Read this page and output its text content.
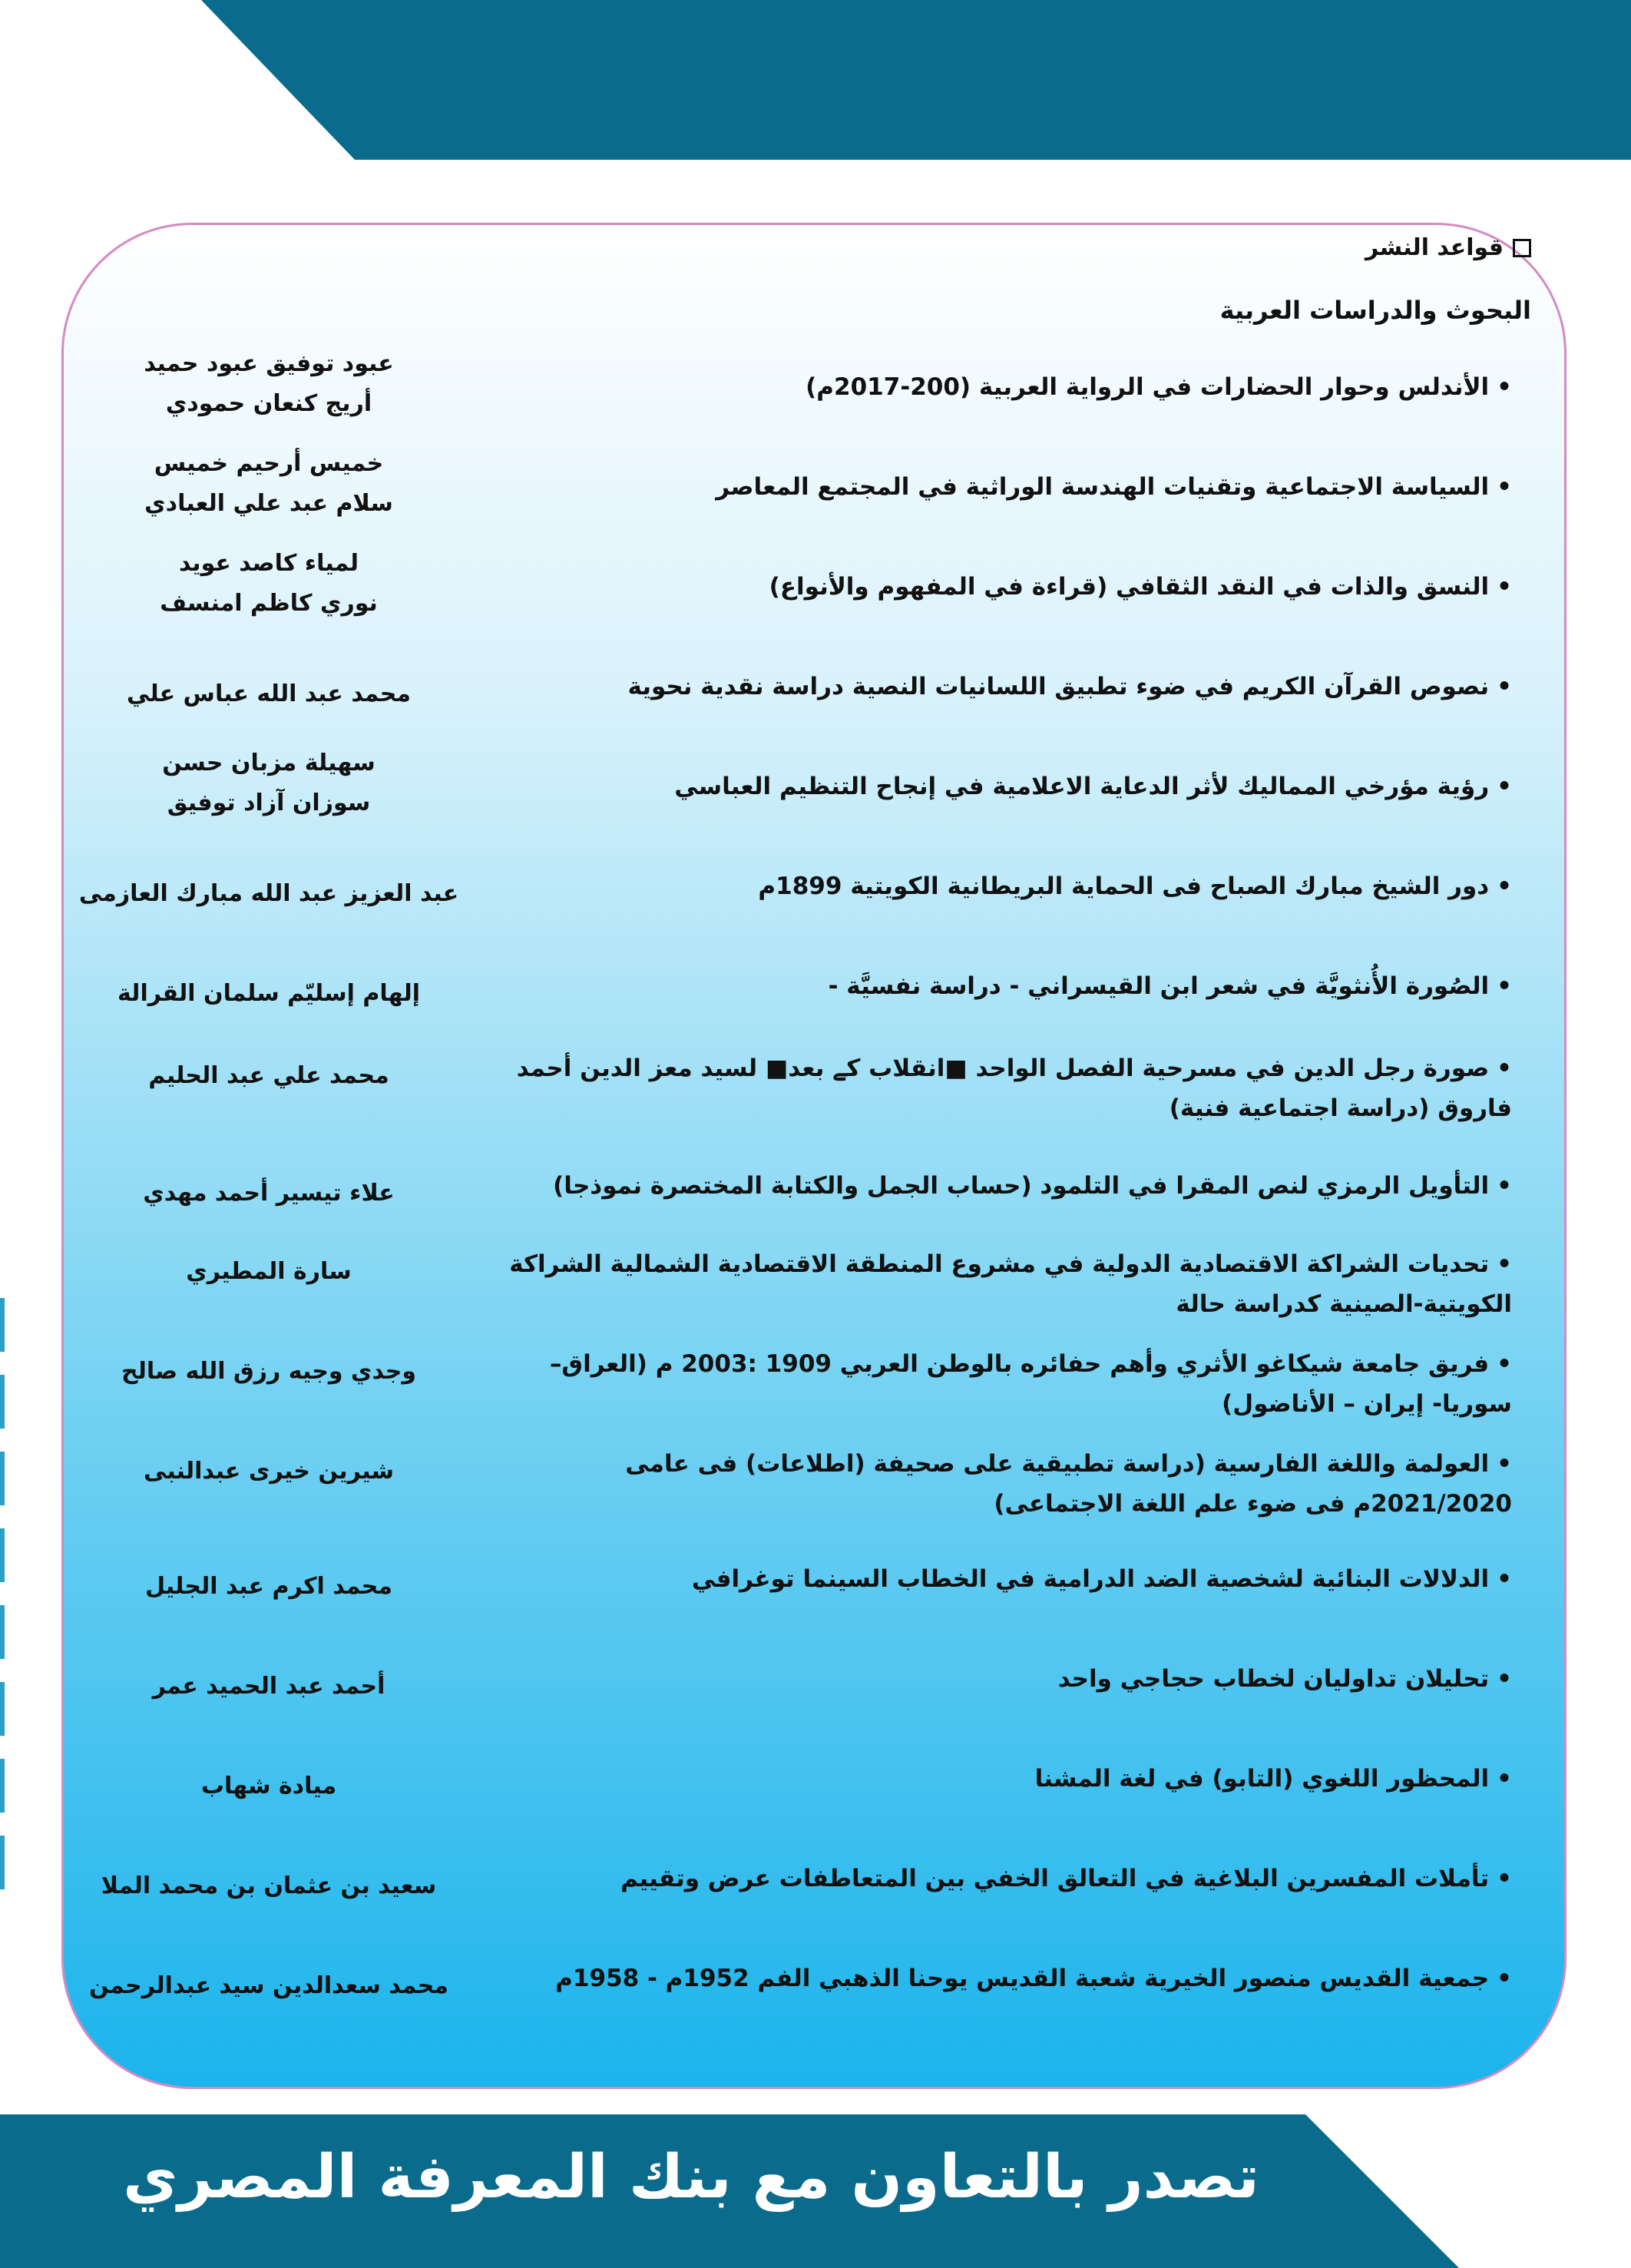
قواعد النشر
البحوث والدراسات العربية
• الأندلس وحوار الحضارات في الرواية العربية (200-2017م)
عبود توفيق عبود حميد
أريج كنعان حمودي
• السياسة الاجتماعية وتقنيات الهندسة الوراثية في المجتمع المعاصر
خميس أرحيم خميس
سلام عبد علي العبادي
• النسق والذات في النقد الثقافي (قراءة في المفهوم والأنواع)
لمياء كاصد عويد
نوري كاظم امنسف
• نصوص القرآن الكريم في ضوء تطبيق اللسانيات النصية دراسة نقدية نحوية
محمد عبد الله عباس علي
• رؤية مؤرخي المماليك لأثر الدعاية الاعلامية في إنجاح التنظيم العباسي
سهيلة مزبان حسن
سوزان آزاد توفيق
• دور الشيخ مبارك الصباح فى الحماية البريطانية الكويتية 1899م
عبد العزيز عبد الله مبارك العازمى
• الصُورة الأُنثويَّة في شعر ابن القيسراني - دراسة نفسيَّة -
إلهام إسليّم سلمان القرالة
• صورة رجل الدين في مسرحية الفصل الواحد ■انقلاب كے بعد■ لسيد معز الدين أحمد فاروق (دراسة اجتماعية فنية)
محمد علي عبد الحليم
• التأويل الرمزي لنص المقرا في التلمود (حساب الجمل والكتابة المختصرة نموذجا)
علاء تيسير أحمد مهدي
• تحديات الشراكة الاقتصادية الدولية في مشروع المنطقة الاقتصادية الشمالية الشراكة الكويتية-الصينية كدراسة حالة
سارة المطيري
• فريق جامعة شيكاغو الأثري وأهم حفائره بالوطن العربي 1909 :2003 م (العراق– سوريا- إيران – الأناضول)
وجدي وجيه رزق الله صالح
• العولمة واللغة الفارسية (دراسة تطبيقية على صحيفة (اطلاعات) فى عامى 2021/2020م فى ضوء علم اللغة الاجتماعى)
شيرين خيرى عبدالنبى
• الدلالات البنائية لشخصية الضد الدرامية في الخطاب السينما توغرافي
محمد اكرم عبد الجليل
• تحليلان تداوليان لخطاب حجاجي واحد
أحمد عبد الحميد عمر
• المحظور اللغوي (التابو) في لغة المشنا
ميادة شهاب
• تأملات المفسرين البلاغية في التعالق الخفي بين المتعاطفات عرض وتقييم
سعيد بن عثمان بن محمد الملا
• جمعية القديس منصور الخيرية شعبة القديس يوحنا الذهبي الفم 1952م - 1958م
محمد سعدالدين سيد عبدالرحمن
تصدر بالتعاون مع بنك المعرفة المصري
